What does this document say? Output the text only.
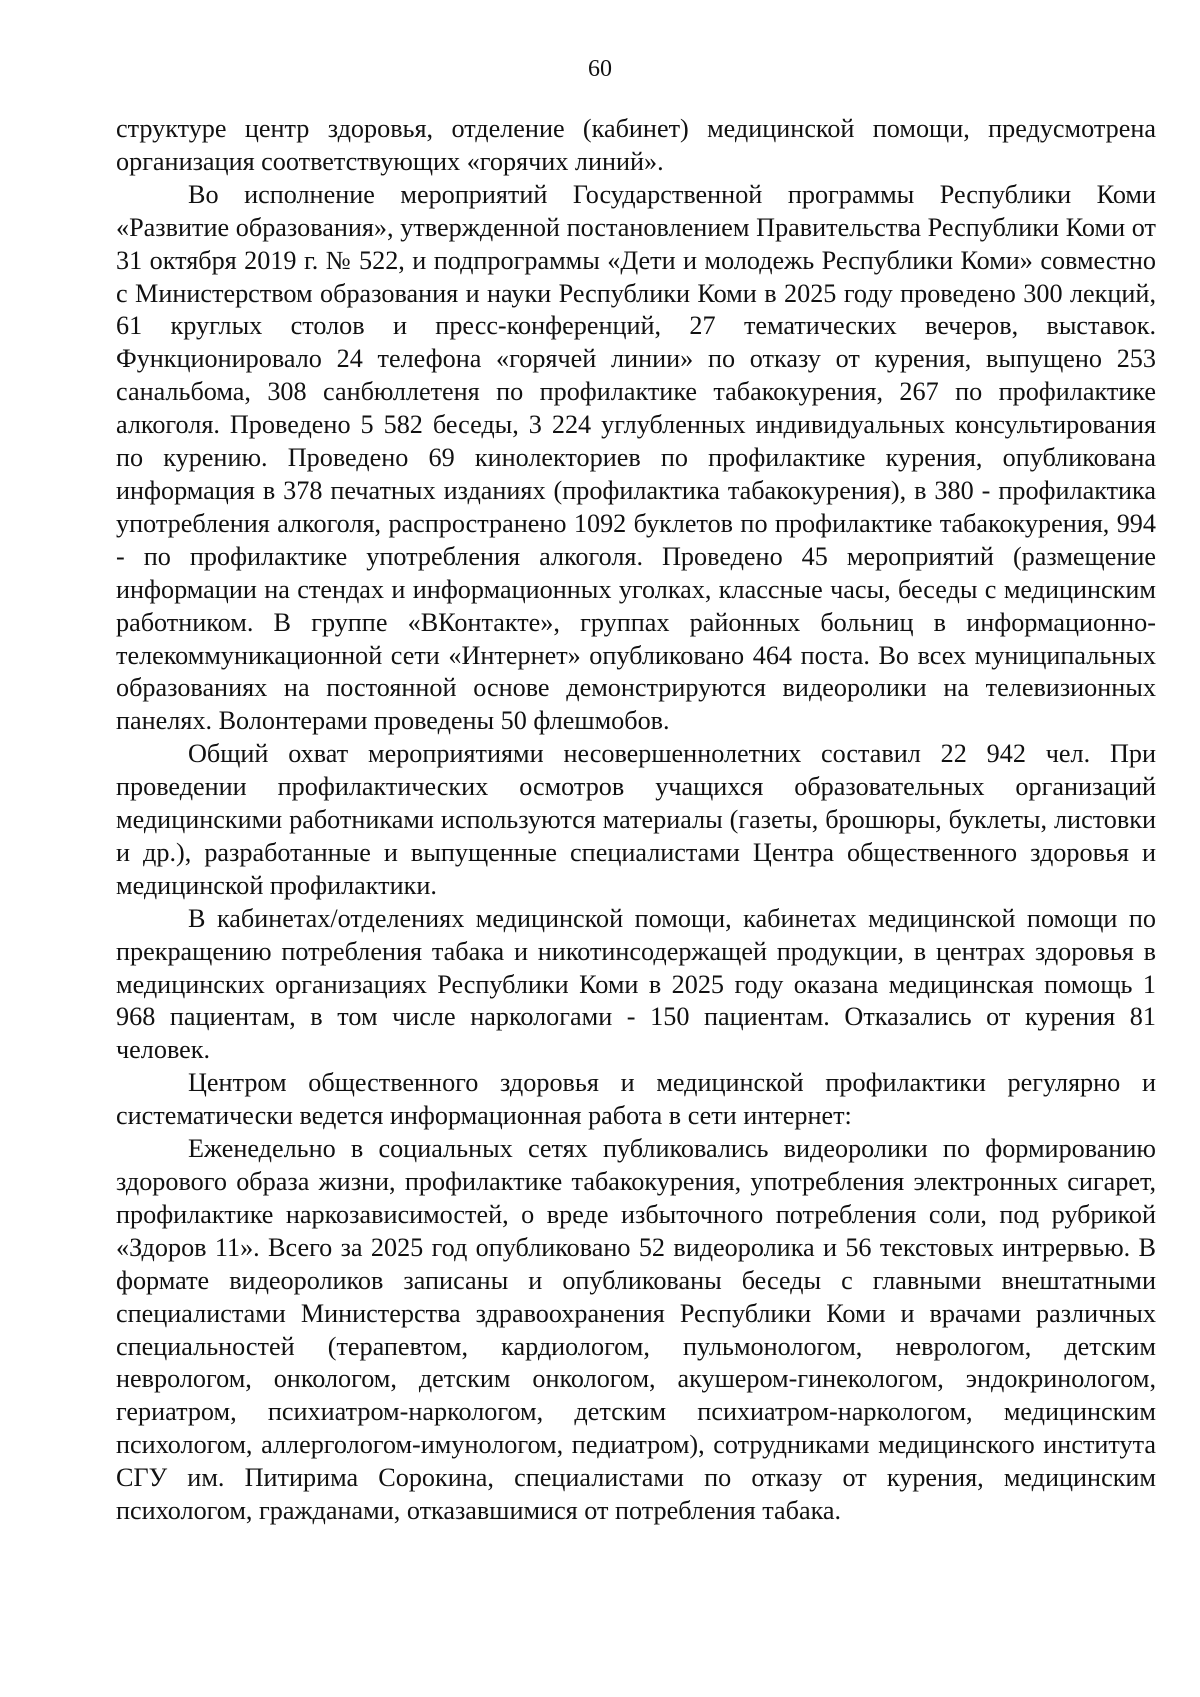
60

структуре центр здоровья, отделение (кабинет) медицинской помощи, предусмотрена организация соответствующих «горячих линий».

Во исполнение мероприятий Государственной программы Республики Коми «Развитие образования», утвержденной постановлением Правительства Республики Коми от 31 октября 2019 г. № 522, и подпрограммы «Дети и молодежь Республики Коми» совместно с Министерством образования и науки Республики Коми в 2025 году проведено 300 лекций, 61 круглых столов и пресс-конференций, 27 тематических вечеров, выставок. Функционировало 24 телефона «горячей линии» по отказу от курения, выпущено 253 санальбома, 308 санбюллетеня по профилактике табакокурения, 267 по профилактике алкоголя. Проведено 5 582 беседы, 3 224 углубленных индивидуальных консультирования по курению. Проведено 69 кинолекториев по профилактике курения, опубликована информация в 378 печатных изданиях (профилактика табакокурения), в 380 - профилактика употребления алкоголя, распространено 1092 буклетов по профилактике табакокурения, 994 - по профилактике употребления алкоголя. Проведено 45 мероприятий (размещение информации на стендах и информационных уголках, классные часы, беседы с медицинским работником. В группе «ВКонтакте», группах районных больниц в информационно-телекоммуникационной сети «Интернет» опубликовано 464 поста. Во всех муниципальных образованиях на постоянной основе демонстрируются видеоролики на телевизионных панелях. Волонтерами проведены 50 флешмобов.

Общий охват мероприятиями несовершеннолетних составил 22 942 чел. При проведении профилактических осмотров учащихся образовательных организаций медицинскими работниками используются материалы (газеты, брошюры, буклеты, листовки и др.), разработанные и выпущенные специалистами Центра общественного здоровья и медицинской профилактики.

В кабинетах/отделениях медицинской помощи, кабинетах медицинской помощи по прекращению потребления табака и никотинсодержащей продукции, в центрах здоровья в медицинских организациях Республики Коми в 2025 году оказана медицинская помощь 1 968 пациентам, в том числе наркологами - 150 пациентам. Отказались от курения 81 человек.

Центром общественного здоровья и медицинской профилактики регулярно и систематически ведется информационная работа в сети интернет:

Еженедельно в социальных сетях публиковались видеоролики по формированию здорового образа жизни, профилактике табакокурения, употребления электронных сигарет, профилактике наркозависимостей, о вреде избыточного потребления соли, под рубрикой «Здоров 11». Всего за 2025 год опубликовано 52 видеоролика и 56 текстовых интрервью. В формате видеороликов записаны и опубликованы беседы с главными внештатными специалистами Министерства здравоохранения Республики Коми и врачами различных специальностей (терапевтом, кардиологом, пульмонологом, неврологом, детским неврологом, онкологом, детским онкологом, акушером-гинекологом, эндокринологом, гериатром, психиатром-наркологом, детским психиатром-наркологом, медицинским психологом, аллергологом-имунологом, педиатром), сотрудниками медицинского института СГУ им. Питирима Сорокина, специалистами по отказу от курения, медицинским психологом, гражданами, отказавшимися от потребления табака.
